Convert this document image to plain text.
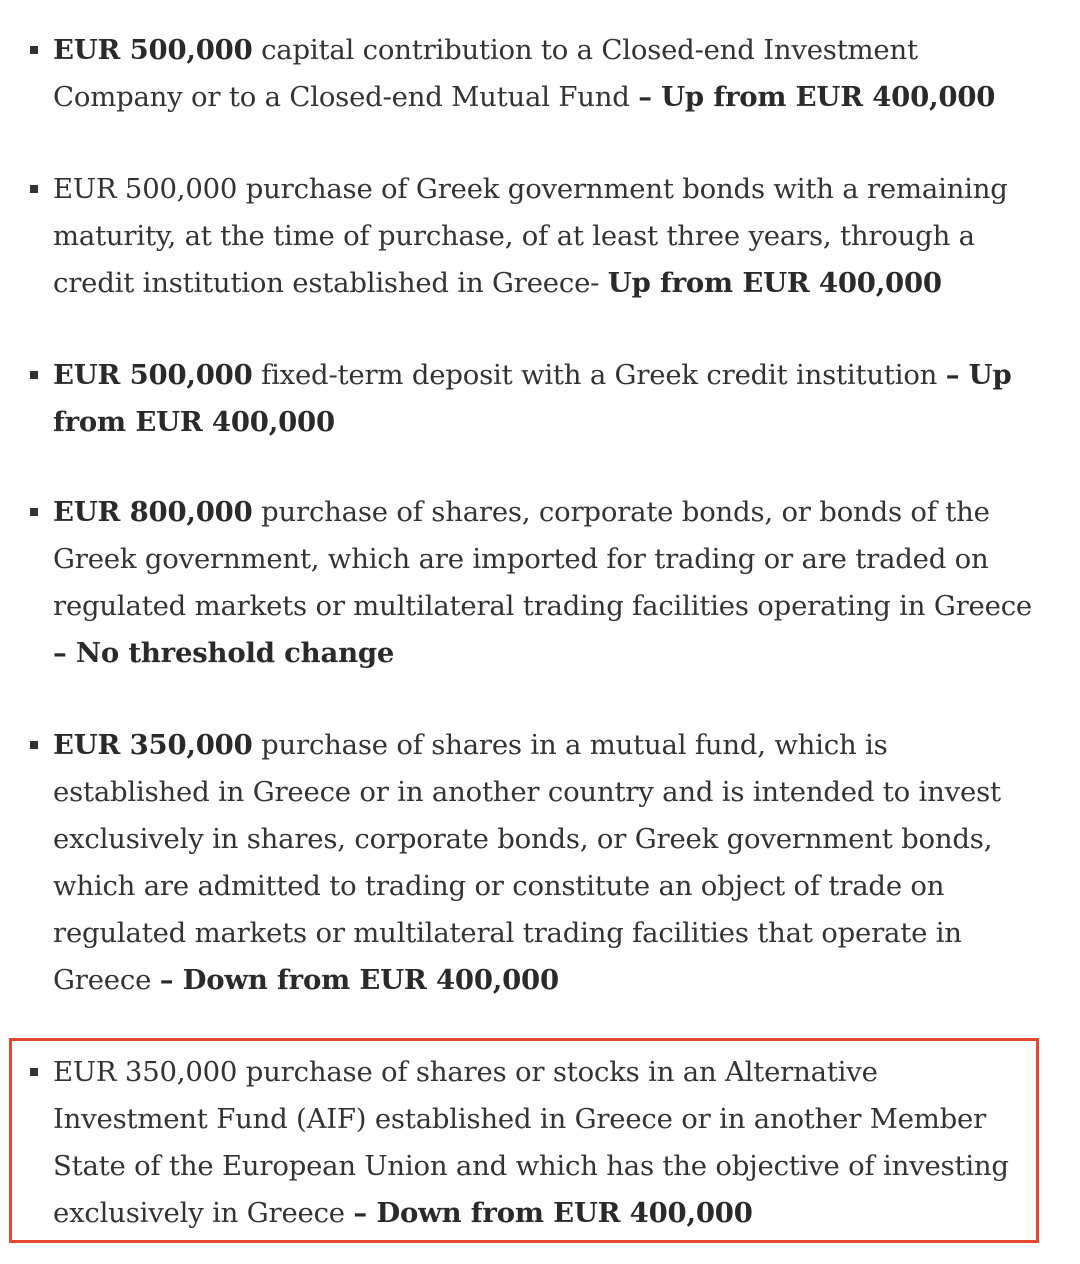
EUR 500,000 capital contribution to a Closed-end Investment Company or to a Closed-end Mutual Fund – Up from EUR 400,000
EUR 500,000 purchase of Greek government bonds with a remaining maturity, at the time of purchase, of at least three years, through a credit institution established in Greece- Up from EUR 400,000
EUR 500,000 fixed-term deposit with a Greek credit institution – Up from EUR 400,000
EUR 800,000 purchase of shares, corporate bonds, or bonds of the Greek government, which are imported for trading or are traded on regulated markets or multilateral trading facilities operating in Greece – No threshold change
EUR 350,000 purchase of shares in a mutual fund, which is established in Greece or in another country and is intended to invest exclusively in shares, corporate bonds, or Greek government bonds, which are admitted to trading or constitute an object of trade on regulated markets or multilateral trading facilities that operate in Greece – Down from EUR 400,000
EUR 350,000 purchase of shares or stocks in an Alternative Investment Fund (AIF) established in Greece or in another Member State of the European Union and which has the objective of investing exclusively in Greece – Down from EUR 400,000
